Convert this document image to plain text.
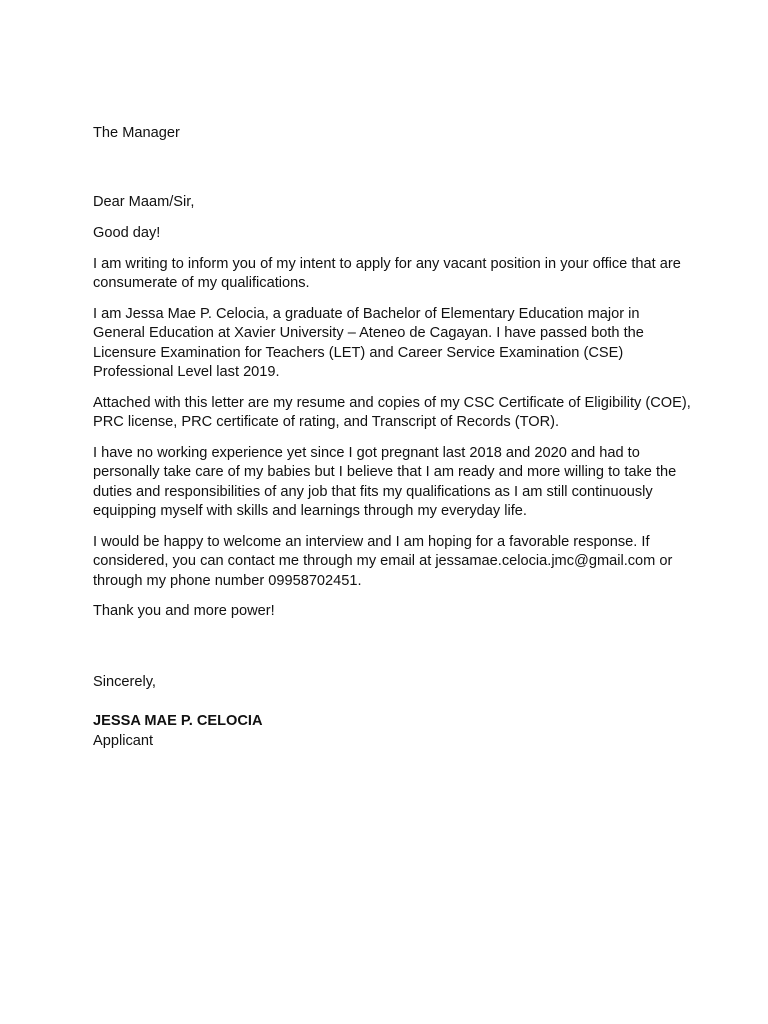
The Manager

Dear Maam/Sir,

Good day!

I am writing to inform you of my intent to apply for any vacant position in your office that are consumerate of my qualifications.

I am Jessa Mae P. Celocia, a graduate of Bachelor of Elementary Education major in General Education at Xavier University – Ateneo de Cagayan. I have passed both the Licensure Examination for Teachers (LET) and Career Service Examination (CSE) Professional Level last 2019.

Attached with this letter are my resume and copies of my CSC Certificate of Eligibility (COE), PRC license, PRC certificate of rating, and Transcript of Records (TOR).

I have no working experience yet since I got pregnant last 2018 and 2020 and had to personally take care of my babies but I believe that I am ready and more willing to take the duties and responsibilities of any job that fits my qualifications as I am still continuously equipping myself with skills and learnings through my everyday life.

I would be happy to welcome an interview and I am hoping for a favorable response. If considered, you can contact me through my email at jessamae.celocia.jmc@gmail.com or through my phone number 09958702451.

Thank you and more power!

Sincerely,

JESSA MAE P. CELOCIA

Applicant
